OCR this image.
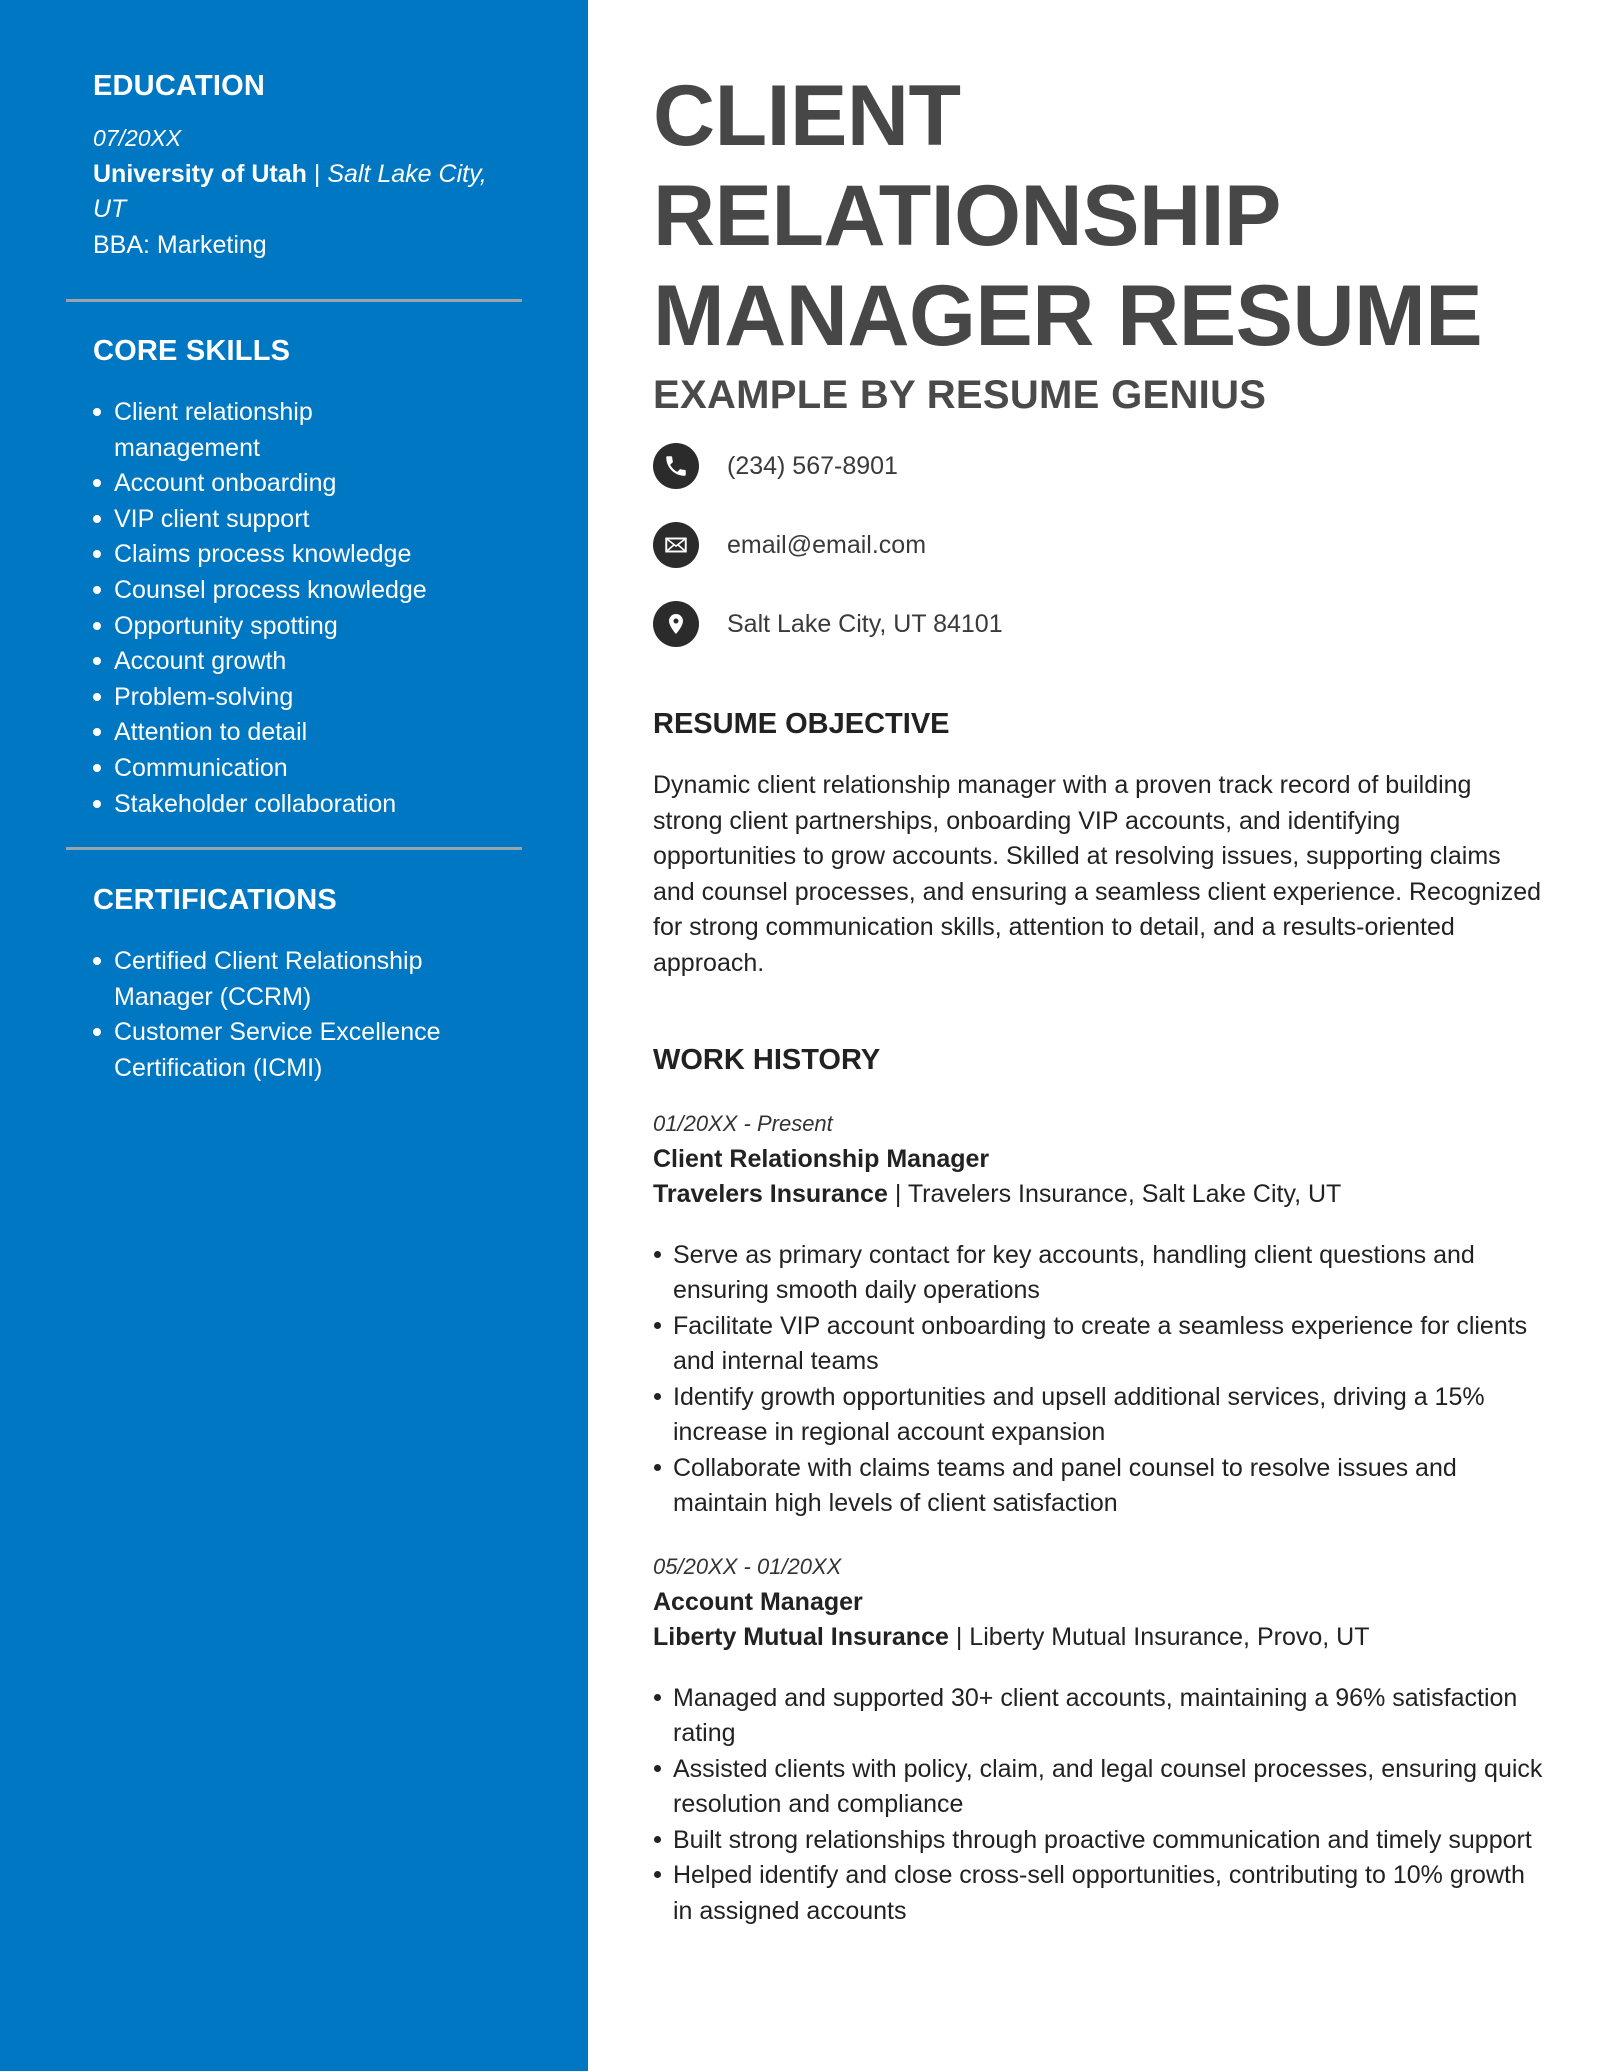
EDUCATION
07/20XX
University of Utah | Salt Lake City, UT
BBA: Marketing
CORE SKILLS
Client relationship management
Account onboarding
VIP client support
Claims process knowledge
Counsel process knowledge
Opportunity spotting
Account growth
Problem-solving
Attention to detail
Communication
Stakeholder collaboration
CERTIFICATIONS
Certified Client Relationship Manager (CCRM)
Customer Service Excellence Certification (ICMI)
CLIENT RELATIONSHIP MANAGER RESUME
EXAMPLE BY RESUME GENIUS
(234) 567-8901
email@email.com
Salt Lake City, UT 84101
RESUME OBJECTIVE

Dynamic client relationship manager with a proven track record of building strong client partnerships, onboarding VIP accounts, and identifying opportunities to grow accounts. Skilled at resolving issues, supporting claims and counsel processes, and ensuring a seamless client experience. Recognized for strong communication skills, attention to detail, and a results-oriented approach.

WORK HISTORY
01/20XX - Present
Client Relationship Manager
Travelers Insurance | Travelers Insurance, Salt Lake City, UT
Serve as primary contact for key accounts, handling client questions and ensuring smooth daily operations
Facilitate VIP account onboarding to create a seamless experience for clients and internal teams
Identify growth opportunities and upsell additional services, driving a 15% increase in regional account expansion
Collaborate with claims teams and panel counsel to resolve issues and maintain high levels of client satisfaction
05/20XX - 01/20XX
Account Manager
Liberty Mutual Insurance | Liberty Mutual Insurance, Provo, UT
Managed and supported 30+ client accounts, maintaining a 96% satisfaction rating
Assisted clients with policy, claim, and legal counsel processes, ensuring quick resolution and compliance
Built strong relationships through proactive communication and timely support
Helped identify and close cross-sell opportunities, contributing to 10% growth in assigned accounts
